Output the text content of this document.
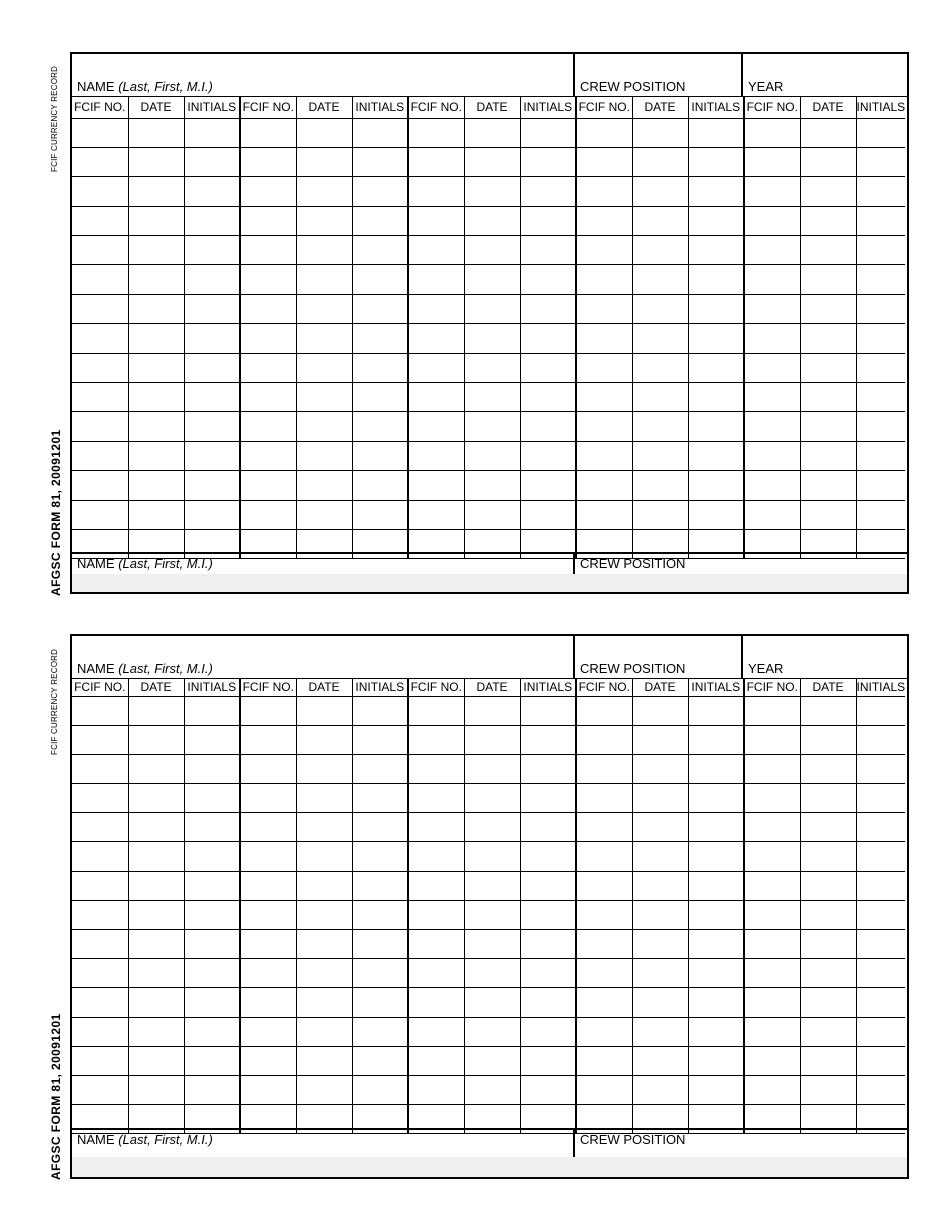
FCIF CURRENCY RECORD
AFGSC FORM 81, 20091201
NAME (Last, First, M.I.)	CREW POSITION	YEAR
FCIF NO.	DATE	INITIALS	FCIF NO.	DATE	INITIALS	FCIF NO.	DATE	INITIALS	FCIF NO.	DATE	INITIALS	FCIF NO.	DATE	INITIALS

NAME (Last, First, M.I.)	CREW POSITION
FCIF CURRENCY RECORD
AFGSC FORM 81, 20091201
NAME (Last, First, M.I.)	CREW POSITION	YEAR
FCIF NO.	DATE	INITIALS	FCIF NO.	DATE	INITIALS	FCIF NO.	DATE	INITIALS	FCIF NO.	DATE	INITIALS	FCIF NO.	DATE	INITIALS

NAME (Last, First, M.I.)	CREW POSITION
